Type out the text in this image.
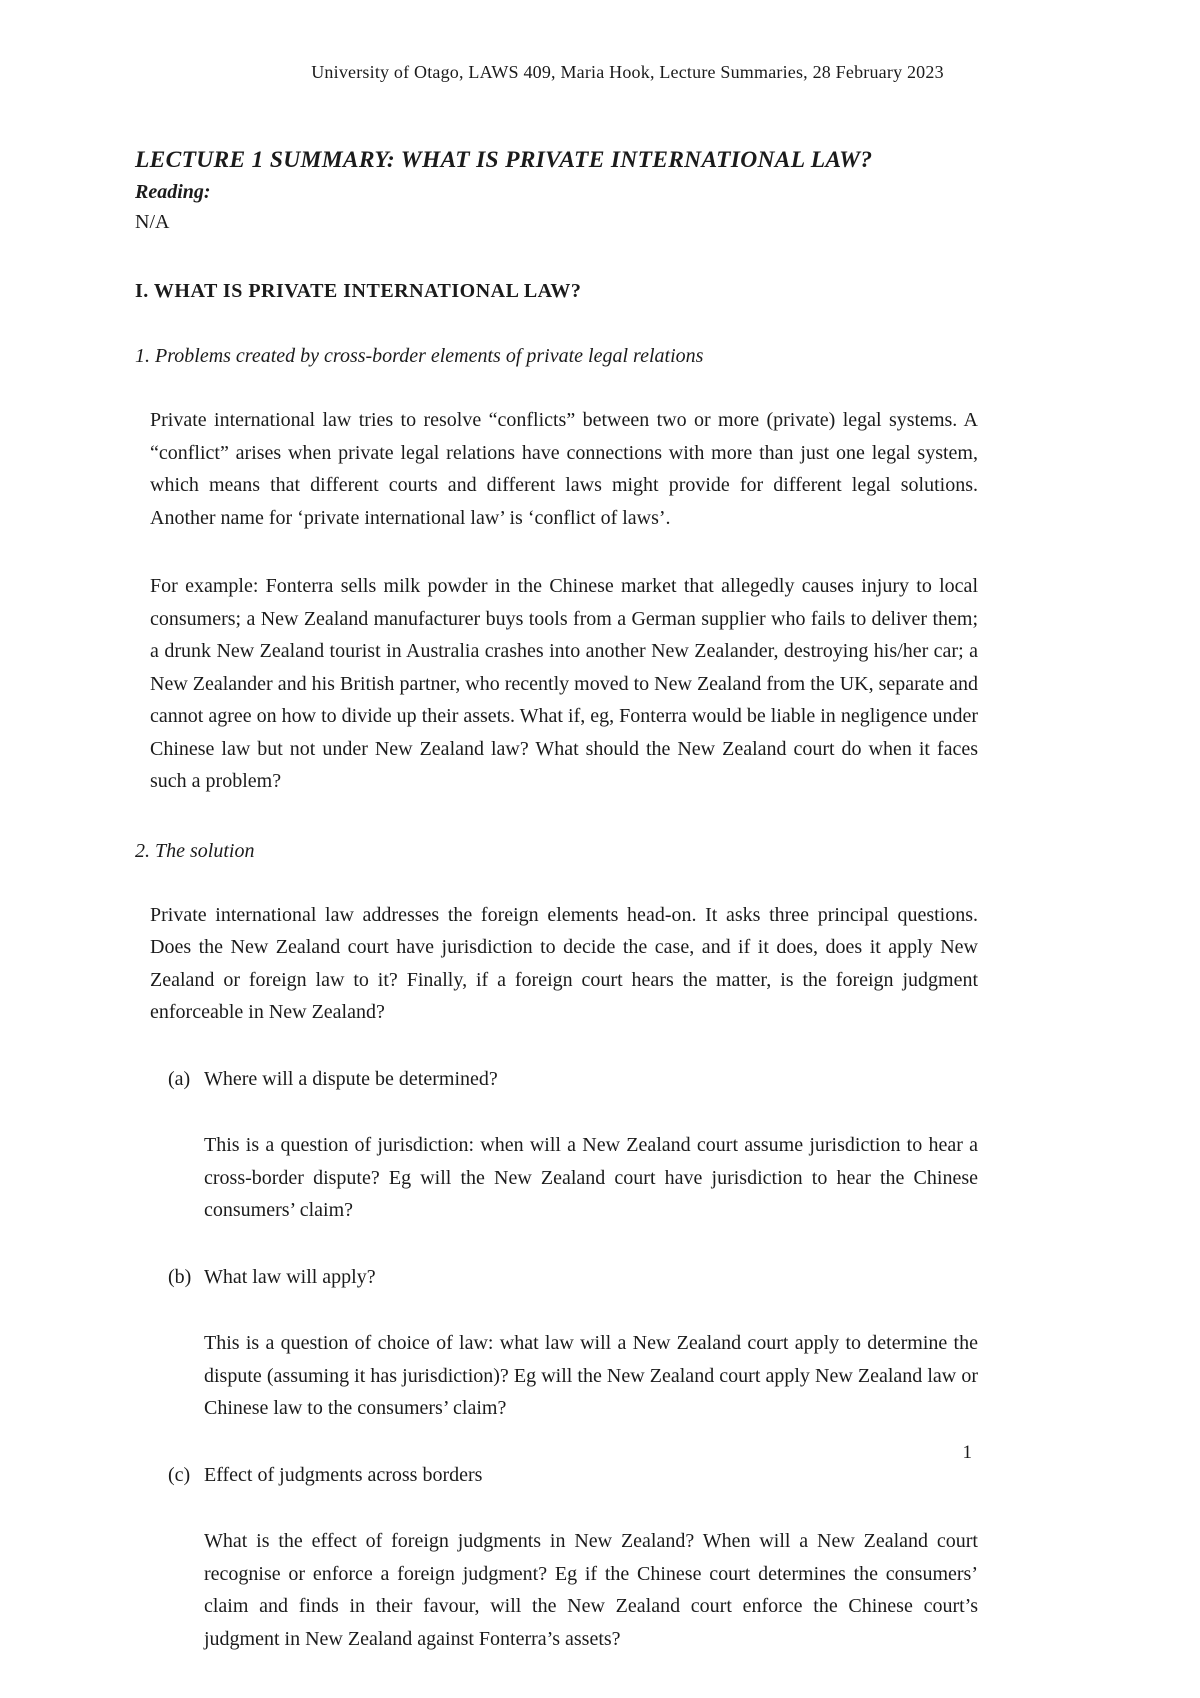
University of Otago, LAWS 409, Maria Hook, Lecture Summaries, 28 February 2023
LECTURE 1 SUMMARY: WHAT IS PRIVATE INTERNATIONAL LAW?
Reading:
N/A
I. WHAT IS PRIVATE INTERNATIONAL LAW?
1. Problems created by cross-border elements of private legal relations

Private international law tries to resolve “conflicts” between two or more (private) legal systems. A “conflict” arises when private legal relations have connections with more than just one legal system, which means that different courts and different laws might provide for different legal solutions. Another name for ‘private international law’ is ‘conflict of laws’.

For example: Fonterra sells milk powder in the Chinese market that allegedly causes injury to local consumers; a New Zealand manufacturer buys tools from a German supplier who fails to deliver them; a drunk New Zealand tourist in Australia crashes into another New Zealander, destroying his/her car; a New Zealander and his British partner, who recently moved to New Zealand from the UK, separate and cannot agree on how to divide up their assets. What if, eg, Fonterra would be liable in negligence under Chinese law but not under New Zealand law? What should the New Zealand court do when it faces such a problem?

2. The solution

Private international law addresses the foreign elements head-on. It asks three principal questions. Does the New Zealand court have jurisdiction to decide the case, and if it does, does it apply New Zealand or foreign law to it? Finally, if a foreign court hears the matter, is the foreign judgment enforceable in New Zealand?

(a) Where will a dispute be determined?

This is a question of jurisdiction: when will a New Zealand court assume jurisdiction to hear a cross-border dispute? Eg will the New Zealand court have jurisdiction to hear the Chinese consumers’ claim?

(b) What law will apply?

This is a question of choice of law: what law will a New Zealand court apply to determine the dispute (assuming it has jurisdiction)? Eg will the New Zealand court apply New Zealand law or Chinese law to the consumers’ claim?

(c) Effect of judgments across borders

What is the effect of foreign judgments in New Zealand? When will a New Zealand court recognise or enforce a foreign judgment? Eg if the Chinese court determines the consumers’ claim and finds in their favour, will the New Zealand court enforce the Chinese court’s judgment in New Zealand against Fonterra’s assets?

1
